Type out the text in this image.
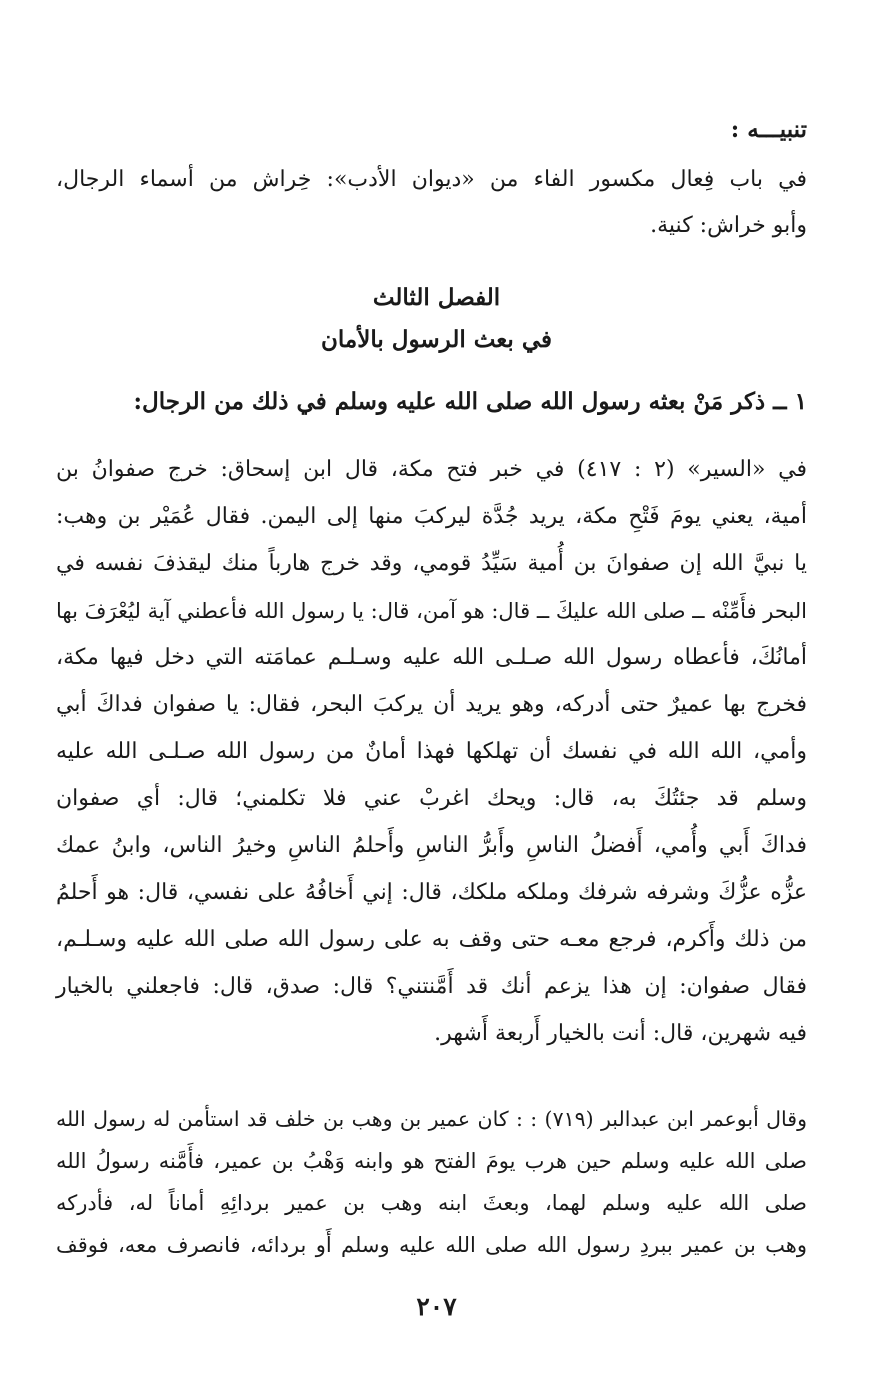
تنبيـــه :

في باب فِعال مكسور الفاء من «ديوان الأدب»: خِراش من أسماء الرجال،

وأبو خراش: كنية.

الفصل الثالث

في بعث الرسول بالأمان

١ ــ ذكر مَنْ بعثه رسول الله صلى الله عليه وسلم في ذلك من الرجال:

في «السير» (٢ : ٤١٧) في خبر فتح مكة، قال ابن إسحاق: خرج صفوانُ بن

أمية، يعني يومَ فَتْحِ مكة، يريد جُدَّة ليركبَ منها إلى اليمن. فقال عُمَيْر بن وهب:

يا نبيَّ الله إن صفوانَ بن أُمية سَيِّدُ قومي، وقد خرج هارباً منك ليقذفَ نفسه في

البحر فأَمِّنْه ــ صلى الله عليكَ ــ قال: هو آمن، قال: يا رسول الله فأعطني آية ليُعْرَفَ بها

أمانُكَ، فأعطاه رسول الله صـلـى الله عليه وسـلـم عمامَته التي دخل فيها مكة،

فخرج بها عميرٌ حتى أدركه، وهو يريد أن يركبَ البحر، فقال: يا صفوان فداكَ أبي

وأمي، الله الله في نفسك أن تهلكها فهذا أمانٌ من رسول الله صـلـى الله عليه

وسلم قد جئتُكَ به، قال: ويحك اغربْ عني فلا تكلمني؛ قال: أي صفوان

فداكَ أَبي وأُمي، أَفضلُ الناسِ وأَبرُّ الناسِ وأَحلمُ الناسِ وخيرُ الناس، وابنُ عمك

عزُّه عزُّكَ وشرفه شرفك وملكه ملكك، قال: إني أَخافُهُ على نفسي، قال: هو أَحلمُ

من ذلك وأَكرم، فرجع معـه حتى وقف به على رسول الله صلى الله عليه وسـلـم،

فقال صفوان: إن هذا يزعم أنك قد أَمَّنتني؟ قال: صدق، قال: فاجعلني بالخيار

فيه شهرين، قال: أنت بالخيار أَربعة أَشهر.

وقال أبوعمر ابن عبدالبر (٧١٩) : : كان عمير بن وهب بن خلف قد استأمن له رسول الله

صلى الله عليه وسلم حين هرب يومَ الفتح هو وابنه وَهْبُ بن عمير، فأَمَّنه رسولُ الله

صلى الله عليه وسلم لهما، وبعثَ ابنه وهب بن عمير بردائِهِ أماناً له، فأدركه

وهب بن عمير ببردِ رسول الله صلى الله عليه وسلم أَو بردائه، فانصرف معه، فوقف

٢٠٧
